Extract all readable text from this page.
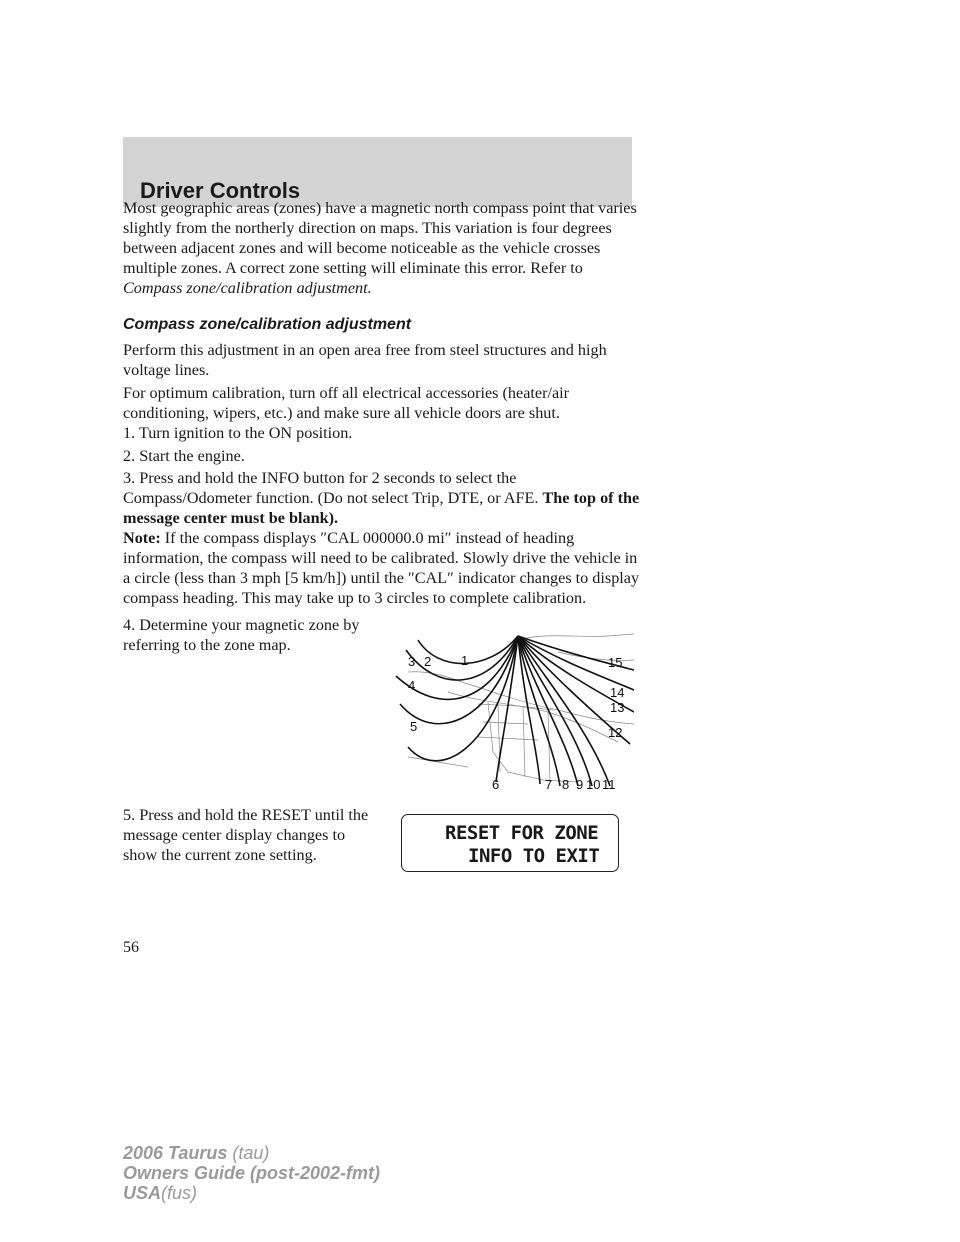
Driver Controls
Most geographic areas (zones) have a magnetic north compass point that varies slightly from the northerly direction on maps. This variation is four degrees between adjacent zones and will become noticeable as the vehicle crosses multiple zones. A correct zone setting will eliminate this error. Refer to Compass zone/calibration adjustment.
Compass zone/calibration adjustment

Perform this adjustment in an open area free from steel structures and high voltage lines.

For optimum calibration, turn off all electrical accessories (heater/air conditioning, wipers, etc.) and make sure all vehicle doors are shut.

1. Turn ignition to the ON position.

2. Start the engine.

3. Press and hold the INFO button for 2 seconds to select the Compass/Odometer function. (Do not select Trip, DTE, or AFE. The top of the message center must be blank).
Note: If the compass displays ″CAL 000000.0 mi″ instead of heading information, the compass will need to be calibrated. Slowly drive the vehicle in a circle (less than 3 mph [5 km/h]) until the ″CAL″ indicator changes to display compass heading. This may take up to 3 circles to complete calibration.

4. Determine your magnetic zone by referring to the zone map.

3 2 1
4
5
6	7 8 9 10 11
12
13
14
15

5. Press and hold the RESET until the message center display changes to show the current zone setting.

RESET FOR ZONE
INFO TO EXIT
56
2006 Taurus (tau)
Owners Guide (post-2002-fmt)
USA(fus)
